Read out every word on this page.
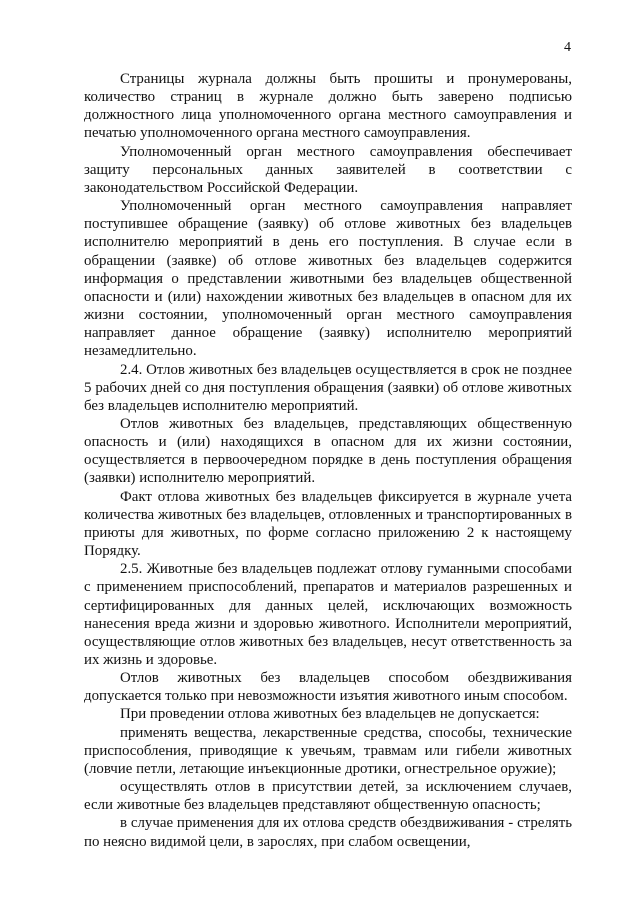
4

Страницы журнала должны быть прошиты и пронумерованы, количество страниц в журнале должно быть заверено подписью должностного лица уполномоченного органа местного самоуправления и печатью уполномоченного органа местного самоуправления.

Уполномоченный орган местного самоуправления обеспечивает защиту персональных данных заявителей в соответствии с законодательством Российской Федерации.

Уполномоченный орган местного самоуправления направляет поступившее обращение (заявку) об отлове животных без владельцев исполнителю мероприятий в день его поступления. В случае если в обращении (заявке) об отлове животных без владельцев содержится информация о представлении животными без владельцев общественной опасности и (или) нахождении животных без владельцев в опасном для их жизни состоянии, уполномоченный орган местного самоуправления направляет данное обращение (заявку) исполнителю мероприятий незамедлительно.

2.4. Отлов животных без владельцев осуществляется в срок не позднее 5 рабочих дней со дня поступления обращения (заявки) об отлове животных без владельцев исполнителю мероприятий.

Отлов животных без владельцев, представляющих общественную опасность и (или) находящихся в опасном для их жизни состоянии, осуществляется в первоочередном порядке в день поступления обращения (заявки) исполнителю мероприятий.

Факт отлова животных без владельцев фиксируется в журнале учета количества животных без владельцев, отловленных и транспортированных в приюты для животных, по форме согласно приложению 2 к настоящему Порядку.

2.5. Животные без владельцев подлежат отлову гуманными способами с применением приспособлений, препаратов и материалов разрешенных и сертифицированных для данных целей, исключающих возможность нанесения вреда жизни и здоровью животного. Исполнители мероприятий, осуществляющие отлов животных без владельцев, несут ответственность за их жизнь и здоровье.

Отлов животных без владельцев способом обездвиживания допускается только при невозможности изъятия животного иным способом.

При проведении отлова животных без владельцев не допускается:

применять вещества, лекарственные средства, способы, технические приспособления, приводящие к увечьям, травмам или гибели животных (ловчие петли, летающие инъекционные дротики, огнестрельное оружие);

осуществлять отлов в присутствии детей, за исключением случаев, если животные без владельцев представляют общественную опасность;

в случае применения для их отлова средств обездвиживания - стрелять по неясно видимой цели, в зарослях, при слабом освещении,
